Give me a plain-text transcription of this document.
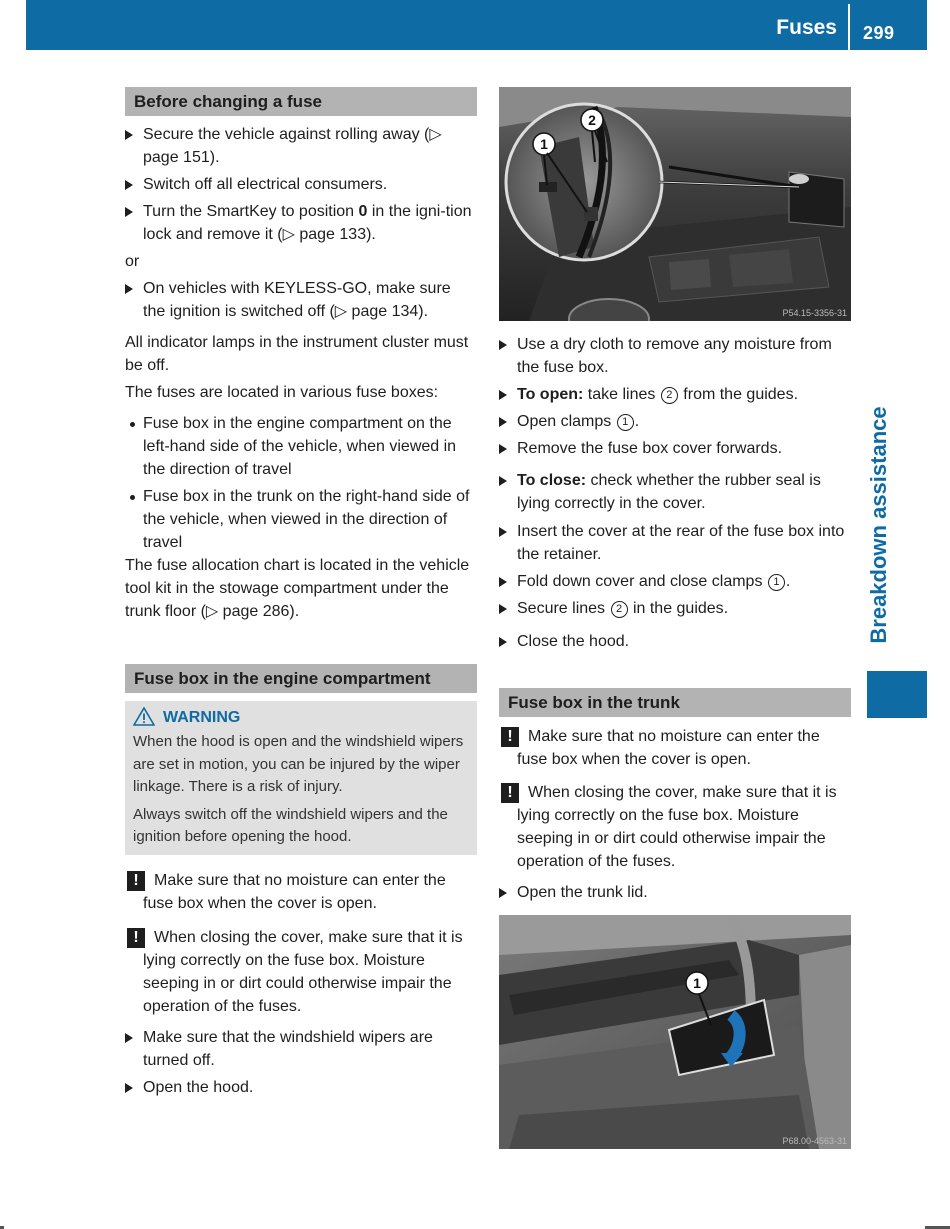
Fuses 299
Breakdown assistance
Before changing a fuse
Secure the vehicle against rolling away (▷ page 151).
Switch off all electrical consumers.
Turn the SmartKey to position 0 in the igni-tion lock and remove it (▷ page 133).
or
On vehicles with KEYLESS-GO, make sure the ignition is switched off (▷ page 134).
All indicator lamps in the instrument cluster must be off.
The fuses are located in various fuse boxes:
Fuse box in the engine compartment on the left-hand side of the vehicle, when viewed in the direction of travel
Fuse box in the trunk on the right-hand side of the vehicle, when viewed in the direction of travel
The fuse allocation chart is located in the vehicle tool kit in the stowage compartment under the trunk floor (▷ page 286).
Fuse box in the engine compartment
WARNING
When the hood is open and the windshield wipers are set in motion, you can be injured by the wiper linkage. There is a risk of injury.
Always switch off the windshield wipers and the ignition before opening the hood.
! Make sure that no moisture can enter the fuse box when the cover is open.
! When closing the cover, make sure that it is lying correctly on the fuse box. Moisture seeping in or dirt could otherwise impair the operation of the fuses.
Make sure that the windshield wipers are turned off.
Open the hood.
1
2
P54.15-3356-31
Use a dry cloth to remove any moisture from the fuse box.
To open: take lines 2 from the guides.
Open clamps 1 .
Remove the fuse box cover forwards.
To close: check whether the rubber seal is lying correctly in the cover.
Insert the cover at the rear of the fuse box into the retainer.
Fold down cover and close clamps 1 .
Secure lines 2 in the guides.
Close the hood.
Fuse box in the trunk
! Make sure that no moisture can enter the fuse box when the cover is open.
! When closing the cover, make sure that it is lying correctly on the fuse box. Moisture seeping in or dirt could otherwise impair the operation of the fuses.
Open the trunk lid.
1
P68.00-4563-31
